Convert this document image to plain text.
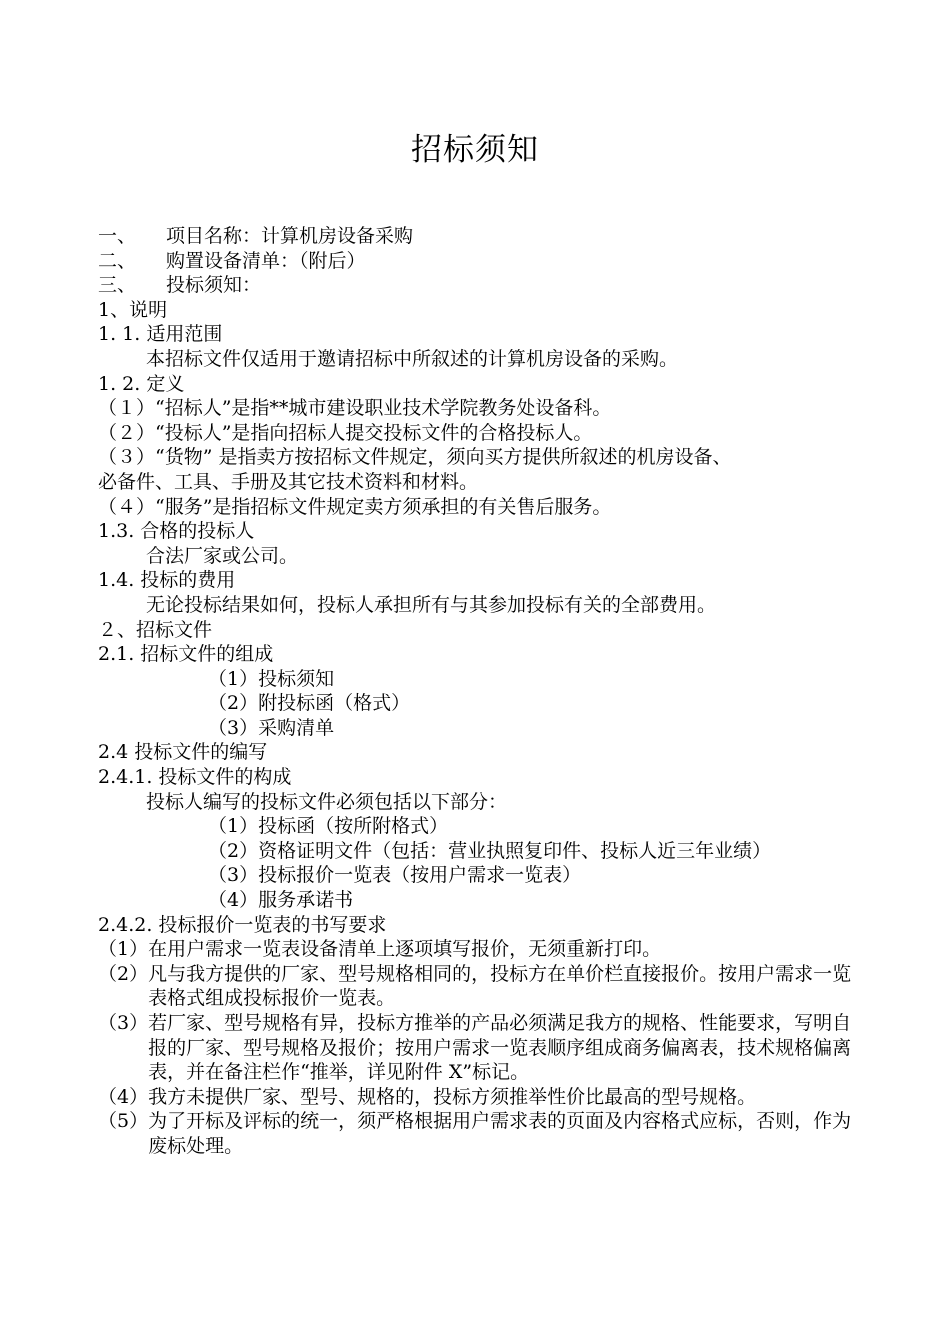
招标须知
一、 项目名称：计算机房设备采购
二、 购置设备清单：（附后）
三、 投标须知：
1、说明
1. 1. 适用范围
本招标文件仅适用于邀请招标中所叙述的计算机房设备的采购。
1. 2. 定义
（１）“招标人”是指**城市建设职业技术学院教务处设备科。
（２）“投标人”是指向招标人提交投标文件的合格投标人。
（３）“货物” 是指卖方按招标文件规定，须向买方提供所叙述的机房设备、
必备件、工具、手册及其它技术资料和材料。
（４）“服务”是指招标文件规定卖方须承担的有关售后服务。
1.3. 合格的投标人
合法厂家或公司。
1.4. 投标的费用
无论投标结果如何，投标人承担所有与其参加投标有关的全部费用。
２、招标文件
2.1. 招标文件的组成
（1）投标须知
（2）附投标函（格式）
（3）采购清单
2.4 投标文件的编写
2.4.1. 投标文件的构成
投标人编写的投标文件必须包括以下部分：
（1） 投标函（按所附格式）
（2） 资格证明文件（包括：营业执照复印件、投标人近三年业绩）
（3） 投标报价一览表（按用户需求一览表）
（4） 服务承诺书
2.4.2. 投标报价一览表的书写要求
（1） 在用户需求一览表设备清单上逐项填写报价，无须重新打印。
（2） 凡与我方提供的厂家、型号规格相同的，投标方在单价栏直接报价。按用户需求一览表格式组成投标报价一览表。
（3） 若厂家、型号规格有异，投标方推举的产品必须满足我方的规格、性能要求，写明自报的厂家、型号规格及报价；按用户需求一览表顺序组成商务偏离表，技术规格偏离表，并在备注栏作“推举，详见附件 X”标记。
（4） 我方未提供厂家、型号、规格的，投标方须推举性价比最高的型号规格。
（5） 为了开标及评标的统一，须严格根据用户需求表的页面及内容格式应标，否则，作为废标处理。
